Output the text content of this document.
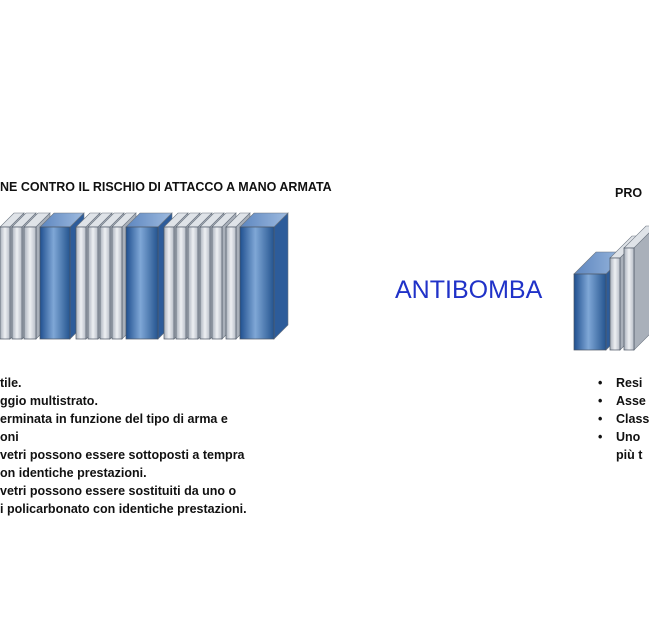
NE CONTRO IL RISCHIO DI ATTACCO A MANO ARMATA
tile.
ggio multistrato.
erminata in funzione del tipo di arma e
oni
vetri possono essere sottoposti a tempra
on identiche prestazioni.
vetri possono essere sostituiti da uno o
i policarbonato con identiche prestazioni.
ANTIBOMBA
PRO
• Resi
• Asse
• Class
• Uno
più t
